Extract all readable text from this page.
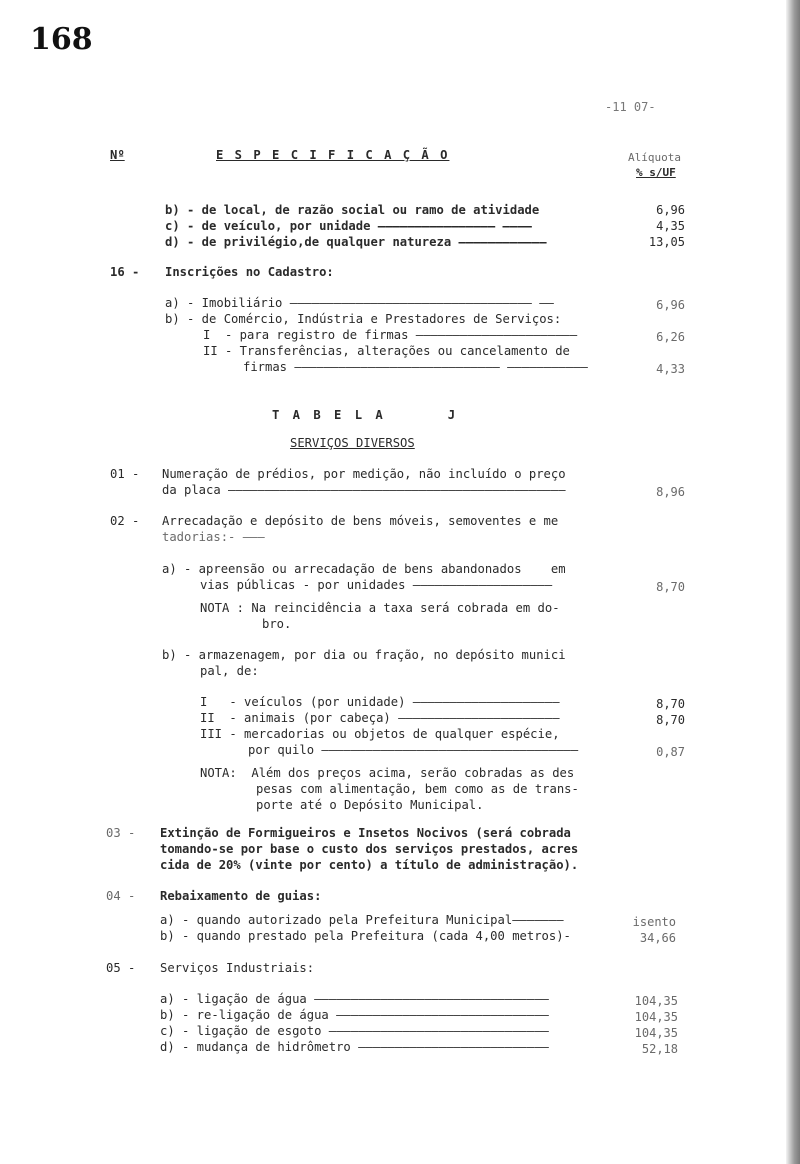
168
-11 07-
Nº	E S P E C I F I C A Ç Ã O	Alíquota
% s/UF
b) - de local, de razão social ou ramo de atividade	6,96
c) - de veículo, por unidade ———————————————— ————	4,35
d) - de privilégio,de qualquer natureza ————————————	13,05
16 - Inscrições no Cadastro:
a) - Imobiliário ————————————————————————————————— ——	6,96
b) - de Comércio, Indústria e Prestadores de Serviços:
I  - para registro de firmas ——————————————————————	6,26
II - Transferências, alterações ou cancelamento de
firmas ———————————————————————————— ———————————	4,33
T A B E L A      J
SERVIÇOS DIVERSOS
01 - Numeração de prédios, por medição, não incluído o preço
da placa ——————————————————————————————————————————————	8,96
02 - Arrecadação e depósito de bens móveis, semoventes e me
tadorias:- ———
a) - apreensão ou arrecadação de bens abandonados    em
vias públicas - por unidades ———————————————————	8,70
NOTA : Na reincidência a taxa será cobrada em do-
bro.
b) - armazenagem, por dia ou fração, no depósito munici
pal, de:
I   - veículos (por unidade) ————————————————————	8,70
II  - animais (por cabeça) ——————————————————————	8,70
III - mercadorias ou objetos de qualquer espécie,
por quilo ———————————————————————————————————	0,87
NOTA:  Além dos preços acima, serão cobradas as des
pesas com alimentação, bem como as de trans-
porte até o Depósito Municipal.
03 - Extinção de Formigueiros e Insetos Nocivos (será cobrada
tomando-se por base o custo dos serviços prestados, acres
cida de 20% (vinte por cento) a título de administração).
04 - Rebaixamento de guias:
a) - quando autorizado pela Prefeitura Municipal———————	isento
b) - quando prestado pela Prefeitura (cada 4,00 metros)-	34,66
05 - Serviços Industriais:
a) - ligação de água ————————————————————————————————	104,35
b) - re-ligação de água —————————————————————————————	104,35
c) - ligação de esgoto ——————————————————————————————	104,35
d) - mudança de hidrômetro ——————————————————————————	52,18
